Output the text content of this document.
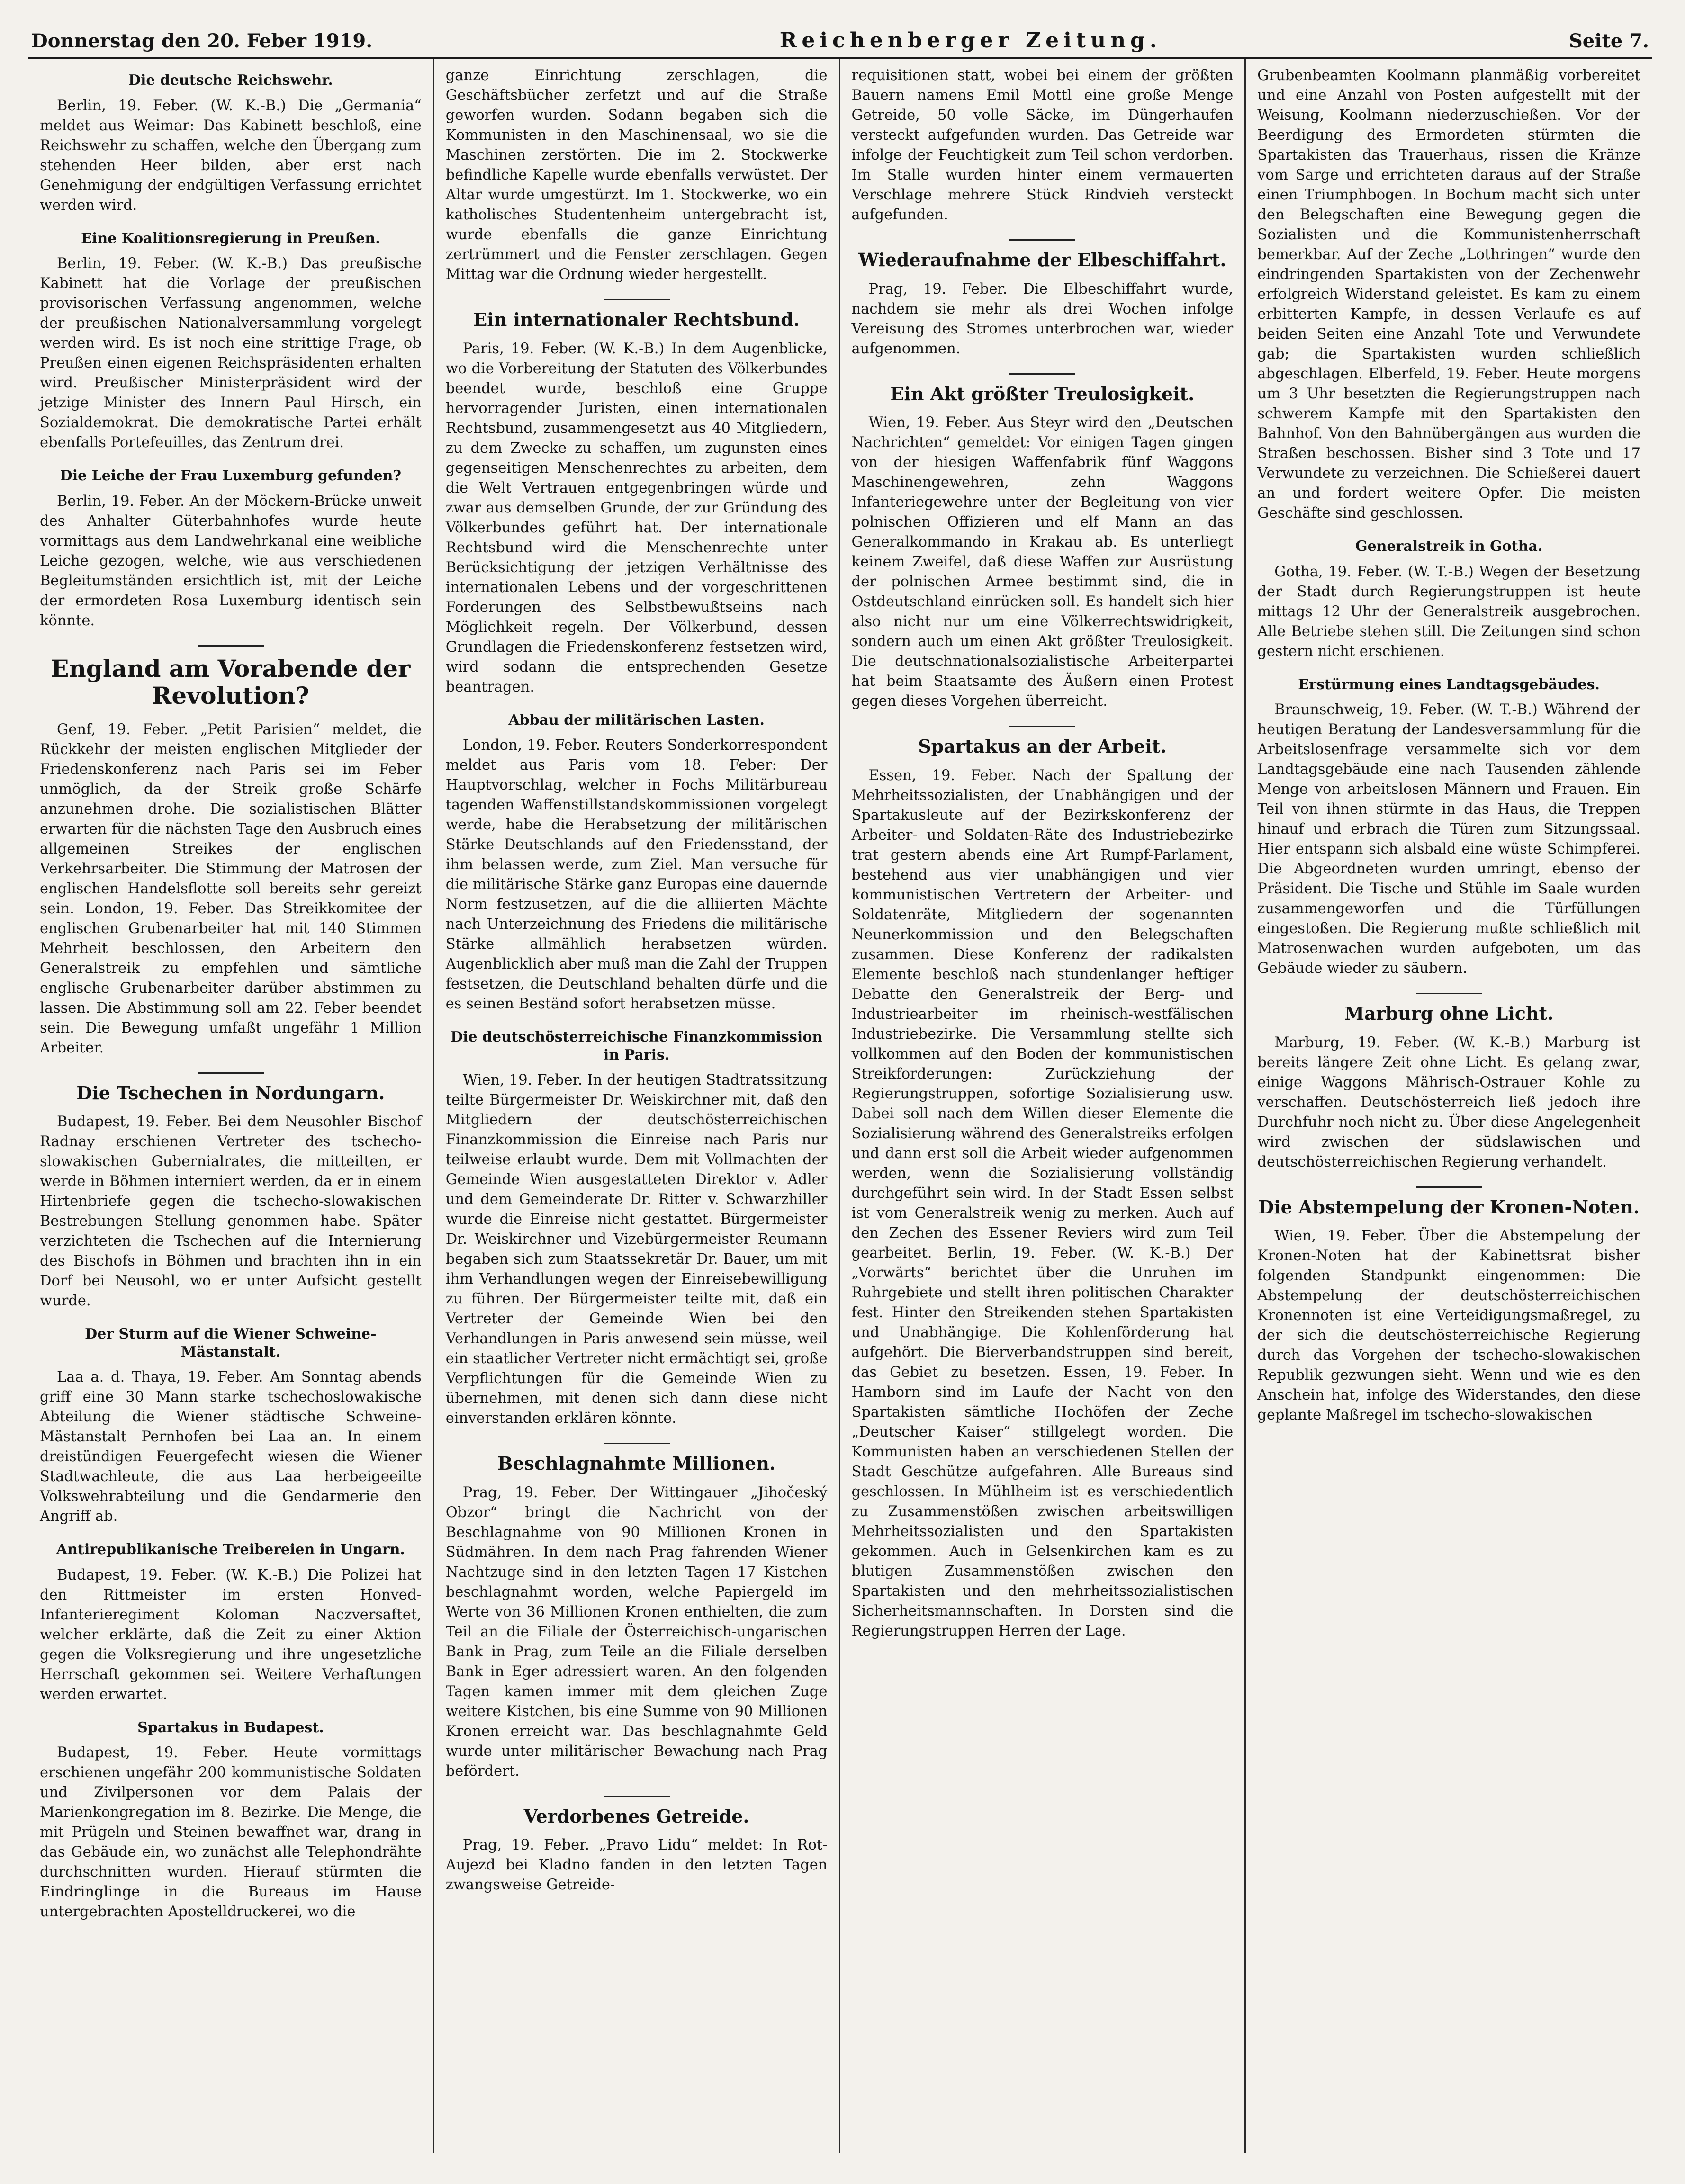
Donnerstag den 20. Feber 1919.	Reichenberger Zeitung.	Seite 7.
Die deutsche Reichswehr.

Berlin, 19. Feber. (W. K.-B.) Die „Germania“ meldet aus Weimar: Das Kabinett beschloß, eine Reichswehr zu schaffen, welche den Übergang zum stehenden Heer bilden, aber erst nach Genehmigung der endgültigen Verfassung errichtet werden wird.

Eine Koalitionsregierung in Preußen.

Berlin, 19. Feber. (W. K.-B.) Das preußische Kabinett hat die Vorlage der preußischen provisorischen Verfassung angenommen, welche der preußischen Nationalversammlung vorgelegt werden wird. Es ist noch eine strittige Frage, ob Preußen einen eigenen Reichspräsidenten erhalten wird. Preußischer Ministerpräsident wird der jetzige Minister des Innern Paul Hirsch, ein Sozialdemokrat. Die demokratische Partei erhält ebenfalls Portefeuilles, das Zentrum drei.

Die Leiche der Frau Luxemburg gefunden?

Berlin, 19. Feber. An der Möckern-Brücke unweit des Anhalter Güterbahnhofes wurde heute vormittags aus dem Landwehrkanal eine weibliche Leiche gezogen, welche, wie aus verschiedenen Begleitumständen ersichtlich ist, mit der Leiche der ermordeten Rosa Luxemburg identisch sein könnte.

England am Vorabende der Revolution?

Genf, 19. Feber. „Petit Parisien“ meldet, die Rückkehr der meisten englischen Mitglieder der Friedenskonferenz nach Paris sei im Feber unmöglich, da der Streik große Schärfe anzunehmen drohe. Die sozialistischen Blätter erwarten für die nächsten Tage den Ausbruch eines allgemeinen Streikes der englischen Verkehrsarbeiter. Die Stimmung der Matrosen der englischen Handelsflotte soll bereits sehr gereizt sein. London, 19. Feber. Das Streikkomitee der englischen Grubenarbeiter hat mit 140 Stimmen Mehrheit beschlossen, den Arbeitern den Generalstreik zu empfehlen und sämtliche englische Grubenarbeiter darüber abstimmen zu lassen. Die Abstimmung soll am 22. Feber beendet sein. Die Bewegung umfaßt ungefähr 1 Million Arbeiter.

Die Tschechen in Nordungarn.

Budapest, 19. Feber. Bei dem Neusohler Bischof Radnay erschienen Vertreter des tschecho-slowakischen Gubernialrates, die mitteilten, er werde in Böhmen interniert werden, da er in einem Hirtenbriefe gegen die tschecho-slowakischen Bestrebungen Stellung genommen habe. Später verzichteten die Tschechen auf die Internierung des Bischofs in Böhmen und brachten ihn in ein Dorf bei Neusohl, wo er unter Aufsicht gestellt wurde.

Der Sturm auf die Wiener Schweine-Mästanstalt.

Laa a. d. Thaya, 19. Feber. Am Sonntag abends griff eine 30 Mann starke tschechoslowakische Abteilung die Wiener städtische Schweine-Mästanstalt Pernhofen bei Laa an. In einem dreistündigen Feuergefecht wiesen die Wiener Stadtwachleute, die aus Laa herbeigeeilte Volkswehrabteilung und die Gendarmerie den Angriff ab.

Antirepublikanische Treibereien in Ungarn.

Budapest, 19. Feber. (W. K.-B.) Die Polizei hat den Rittmeister im ersten Honved-Infanterieregiment Koloman Naczversaftet, welcher erklärte, daß die Zeit zu einer Aktion gegen die Volksregierung und ihre ungesetzliche Herrschaft gekommen sei. Weitere Verhaftungen werden erwartet.

Spartakus in Budapest.

Budapest, 19. Feber. Heute vormittags erschienen ungefähr 200 kommunistische Soldaten und Zivilpersonen vor dem Palais der Marienkongregation im 8. Bezirke. Die Menge, die mit Prügeln und Steinen bewaffnet war, drang in das Gebäude ein, wo zunächst alle Telephondrähte durchschnitten wurden. Hierauf stürmten die Eindringlinge in die Bureaus im Hause untergebrachten Apostelldruckerei, wo die

ganze Einrichtung zerschlagen, die Geschäftsbücher zerfetzt und auf die Straße geworfen wurden. Sodann begaben sich die Kommunisten in den Maschinensaal, wo sie die Maschinen zerstörten. Die im 2. Stockwerke befindliche Kapelle wurde ebenfalls verwüstet. Der Altar wurde umgestürzt. Im 1. Stockwerke, wo ein katholisches Studentenheim untergebracht ist, wurde ebenfalls die ganze Einrichtung zertrümmert und die Fenster zerschlagen. Gegen Mittag war die Ordnung wieder hergestellt.

Ein internationaler Rechtsbund.

Paris, 19. Feber. (W. K.-B.) In dem Augenblicke, wo die Vorbereitung der Statuten des Völkerbundes beendet wurde, beschloß eine Gruppe hervorragender Juristen, einen internationalen Rechtsbund, zusammengesetzt aus 40 Mitgliedern, zu dem Zwecke zu schaffen, um zugunsten eines gegenseitigen Menschenrechtes zu arbeiten, dem die Welt Vertrauen entgegenbringen würde und zwar aus demselben Grunde, der zur Gründung des Völkerbundes geführt hat. Der internationale Rechtsbund wird die Menschenrechte unter Berücksichtigung der jetzigen Verhältnisse des internationalen Lebens und der vorgeschrittenen Forderungen des Selbstbewußtseins nach Möglichkeit regeln. Der Völkerbund, dessen Grundlagen die Friedenskonferenz festsetzen wird, wird sodann die entsprechenden Gesetze beantragen.

Abbau der militärischen Lasten.

London, 19. Feber. Reuters Sonderkorrespondent meldet aus Paris vom 18. Feber: Der Hauptvorschlag, welcher in Fochs Militärbureau tagenden Waffenstillstandskommissionen vorgelegt werde, habe die Herabsetzung der militärischen Stärke Deutschlands auf den Friedensstand, der ihm belassen werde, zum Ziel. Man versuche für die militärische Stärke ganz Europas eine dauernde Norm festzusetzen, auf die die alliierten Mächte nach Unterzeichnung des Friedens die militärische Stärke allmählich herabsetzen würden. Augenblicklich aber muß man die Zahl der Truppen festsetzen, die Deutschland behalten dürfe und die es seinen Beständ sofort herabsetzen müsse.

Die deutschösterreichische Finanzkommission in Paris.

Wien, 19. Feber. In der heutigen Stadtratssitzung teilte Bürgermeister Dr. Weiskirchner mit, daß den Mitgliedern der deutschösterreichischen Finanzkommission die Einreise nach Paris nur teilweise erlaubt wurde. Dem mit Vollmachten der Gemeinde Wien ausgestatteten Direktor v. Adler und dem Gemeinderate Dr. Ritter v. Schwarzhiller wurde die Einreise nicht gestattet. Bürgermeister Dr. Weiskirchner und Vizebürgermeister Reumann begaben sich zum Staatssekretär Dr. Bauer, um mit ihm Verhandlungen wegen der Einreisebewilligung zu führen. Der Bürgermeister teilte mit, daß ein Vertreter der Gemeinde Wien bei den Verhandlungen in Paris anwesend sein müsse, weil ein staatlicher Vertreter nicht ermächtigt sei, große Verpflichtungen für die Gemeinde Wien zu übernehmen, mit denen sich dann diese nicht einverstanden erklären könnte.

Beschlagnahmte Millionen.

Prag, 19. Feber. Der Wittingauer „Jihočeský Obzor“ bringt die Nachricht von der Beschlagnahme von 90 Millionen Kronen in Südmähren. In dem nach Prag fahrenden Wiener Nachtzuge sind in den letzten Tagen 17 Kistchen beschlagnahmt worden, welche Papiergeld im Werte von 36 Millionen Kronen enthielten, die zum Teil an die Filiale der Österreichisch-ungarischen Bank in Prag, zum Teile an die Filiale derselben Bank in Eger adressiert waren. An den folgenden Tagen kamen immer mit dem gleichen Zuge weitere Kistchen, bis eine Summe von 90 Millionen Kronen erreicht war. Das beschlagnahmte Geld wurde unter militärischer Bewachung nach Prag befördert.

Verdorbenes Getreide.

Prag, 19. Feber. „Pravo Lidu“ meldet: In Rot-Aujezd bei Kladno fanden in den letzten Tagen zwangsweise Getreide-

requisitionen statt, wobei bei einem der größten Bauern namens Emil Mottl eine große Menge Getreide, 50 volle Säcke, im Düngerhaufen versteckt aufgefunden wurden. Das Getreide war infolge der Feuchtigkeit zum Teil schon verdorben. Im Stalle wurden hinter einem vermauerten Verschlage mehrere Stück Rindvieh versteckt aufgefunden.

Wiederaufnahme der Elbeschiffahrt.

Prag, 19. Feber. Die Elbeschiffahrt wurde, nachdem sie mehr als drei Wochen infolge Vereisung des Stromes unterbrochen war, wieder aufgenommen.

Ein Akt größter Treulosigkeit.

Wien, 19. Feber. Aus Steyr wird den „Deutschen Nachrichten“ gemeldet: Vor einigen Tagen gingen von der hiesigen Waffenfabrik fünf Waggons Maschinengewehren, zehn Waggons Infanteriegewehre unter der Begleitung von vier polnischen Offizieren und elf Mann an das Generalkommando in Krakau ab. Es unterliegt keinem Zweifel, daß diese Waffen zur Ausrüstung der polnischen Armee bestimmt sind, die in Ostdeutschland einrücken soll. Es handelt sich hier also nicht nur um eine Völkerrechtswidrigkeit, sondern auch um einen Akt größter Treulosigkeit. Die deutschnationalsozialistische Arbeiterpartei hat beim Staatsamte des Äußern einen Protest gegen dieses Vorgehen überreicht.

Spartakus an der Arbeit.

Essen, 19. Feber. Nach der Spaltung der Mehrheitssozialisten, der Unabhängigen und der Spartakusleute auf der Bezirkskonferenz der Arbeiter- und Soldaten-Räte des Industriebezirke trat gestern abends eine Art Rumpf-Parlament, bestehend aus vier unabhängigen und vier kommunistischen Vertretern der Arbeiter- und Soldatenräte, Mitgliedern der sogenannten Neunerkommission und den Belegschaften zusammen. Diese Konferenz der radikalsten Elemente beschloß nach stundenlanger heftiger Debatte den Generalstreik der Berg- und Industriearbeiter im rheinisch-westfälischen Industriebezirke. Die Versammlung stellte sich vollkommen auf den Boden der kommunistischen Streikforderungen: Zurückziehung der Regierungstruppen, sofortige Sozialisierung usw. Dabei soll nach dem Willen dieser Elemente die Sozialisierung während des Generalstreiks erfolgen und dann erst soll die Arbeit wieder aufgenommen werden, wenn die Sozialisierung vollständig durchgeführt sein wird. In der Stadt Essen selbst ist vom Generalstreik wenig zu merken. Auch auf den Zechen des Essener Reviers wird zum Teil gearbeitet. Berlin, 19. Feber. (W. K.-B.) Der „Vorwärts“ berichtet über die Unruhen im Ruhrgebiete und stellt ihren politischen Charakter fest. Hinter den Streikenden stehen Spartakisten und Unabhängige. Die Kohlenförderung hat aufgehört. Die Bierverbandstruppen sind bereit, das Gebiet zu besetzen. Essen, 19. Feber. In Hamborn sind im Laufe der Nacht von den Spartakisten sämtliche Hochöfen der Zeche „Deutscher Kaiser“ stillgelegt worden. Die Kommunisten haben an verschiedenen Stellen der Stadt Geschütze aufgefahren. Alle Bureaus sind geschlossen. In Mühlheim ist es verschiedentlich zu Zusammenstößen zwischen arbeitswilligen Mehrheitssozialisten und den Spartakisten gekommen. Auch in Gelsenkirchen kam es zu blutigen Zusammenstößen zwischen den Spartakisten und den mehrheitssozialistischen Sicherheitsmannschaften. In Dorsten sind die Regierungstruppen Herren der Lage.

Grubenbeamten Koolmann planmäßig vorbereitet und eine Anzahl von Posten aufgestellt mit der Weisung, Koolmann niederzuschießen. Vor der Beerdigung des Ermordeten stürmten die Spartakisten das Trauerhaus, rissen die Kränze vom Sarge und errichteten daraus auf der Straße einen Triumphbogen. In Bochum macht sich unter den Belegschaften eine Bewegung gegen die Sozialisten und die Kommunistenherrschaft bemerkbar. Auf der Zeche „Lothringen“ wurde den eindringenden Spartakisten von der Zechenwehr erfolgreich Widerstand geleistet. Es kam zu einem erbitterten Kampfe, in dessen Verlaufe es auf beiden Seiten eine Anzahl Tote und Verwundete gab; die Spartakisten wurden schließlich abgeschlagen. Elberfeld, 19. Feber. Heute morgens um 3 Uhr besetzten die Regierungstruppen nach schwerem Kampfe mit den Spartakisten den Bahnhof. Von den Bahnübergängen aus wurden die Straßen beschossen. Bisher sind 3 Tote und 17 Verwundete zu verzeichnen. Die Schießerei dauert an und fordert weitere Opfer. Die meisten Geschäfte sind geschlossen.

Generalstreik in Gotha.

Gotha, 19. Feber. (W. T.-B.) Wegen der Besetzung der Stadt durch Regierungstruppen ist heute mittags 12 Uhr der Generalstreik ausgebrochen. Alle Betriebe stehen still. Die Zeitungen sind schon gestern nicht erschienen.

Erstürmung eines Landtagsgebäudes.

Braunschweig, 19. Feber. (W. T.-B.) Während der heutigen Beratung der Landesversammlung für die Arbeitslosenfrage versammelte sich vor dem Landtagsgebäude eine nach Tausenden zählende Menge von arbeitslosen Männern und Frauen. Ein Teil von ihnen stürmte in das Haus, die Treppen hinauf und erbrach die Türen zum Sitzungssaal. Hier entspann sich alsbald eine wüste Schimpferei. Die Abgeordneten wurden umringt, ebenso der Präsident. Die Tische und Stühle im Saale wurden zusammengeworfen und die Türfüllungen eingestoßen. Die Regierung mußte schließlich mit Matrosenwachen wurden aufgeboten, um das Gebäude wieder zu säubern.

Marburg ohne Licht.

Marburg, 19. Feber. (W. K.-B.) Marburg ist bereits längere Zeit ohne Licht. Es gelang zwar, einige Waggons Mährisch-Ostrauer Kohle zu verschaffen. Deutschösterreich ließ jedoch ihre Durchfuhr noch nicht zu. Über diese Angelegenheit wird zwischen der südslawischen und deutschösterreichischen Regierung verhandelt.

Die Abstempelung der Kronen-Noten.

Wien, 19. Feber. Über die Abstempelung der Kronen-Noten hat der Kabinettsrat bisher folgenden Standpunkt eingenommen: Die Abstempelung der deutschösterreichischen Kronennoten ist eine Verteidigungsmaßregel, zu der sich die deutschösterreichische Regierung durch das Vorgehen der tschecho-slowakischen Republik gezwungen sieht. Wenn und wie es den Anschein hat, infolge des Widerstandes, den diese geplante Maßregel im tschecho-slowakischen
